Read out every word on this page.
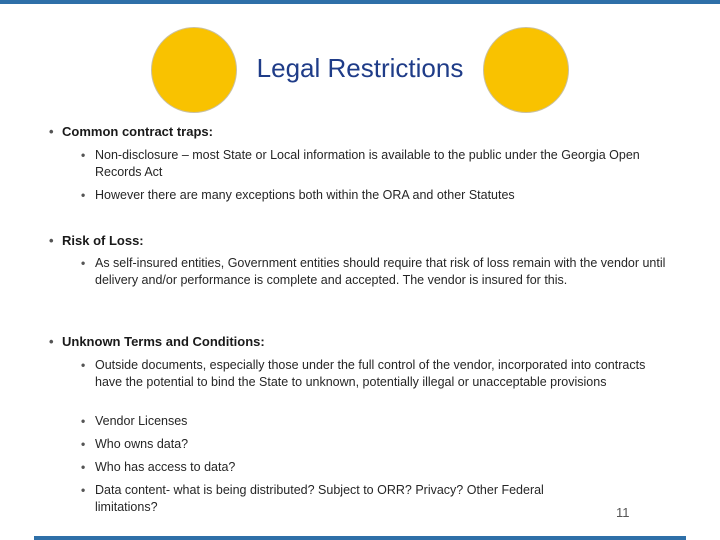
Legal Restrictions
• Common contract traps:
• Non-disclosure – most State or Local information is available to the public under the Georgia Open Records Act
• However there are many exceptions both within the ORA and other Statutes
• Risk of Loss:
• As self-insured entities, Government entities should require that risk of loss remain with the vendor until delivery and/or performance is complete and accepted. The vendor is insured for this.
• Unknown Terms and Conditions:
• Outside documents, especially those under the full control of the vendor, incorporated into contracts have the potential to bind the State to unknown, potentially illegal or unacceptable provisions
• Vendor Licenses
• Who owns data?
• Who has access to data?
• Data content- what is being distributed? Subject to ORR? Privacy? Other Federal limitations?	11
